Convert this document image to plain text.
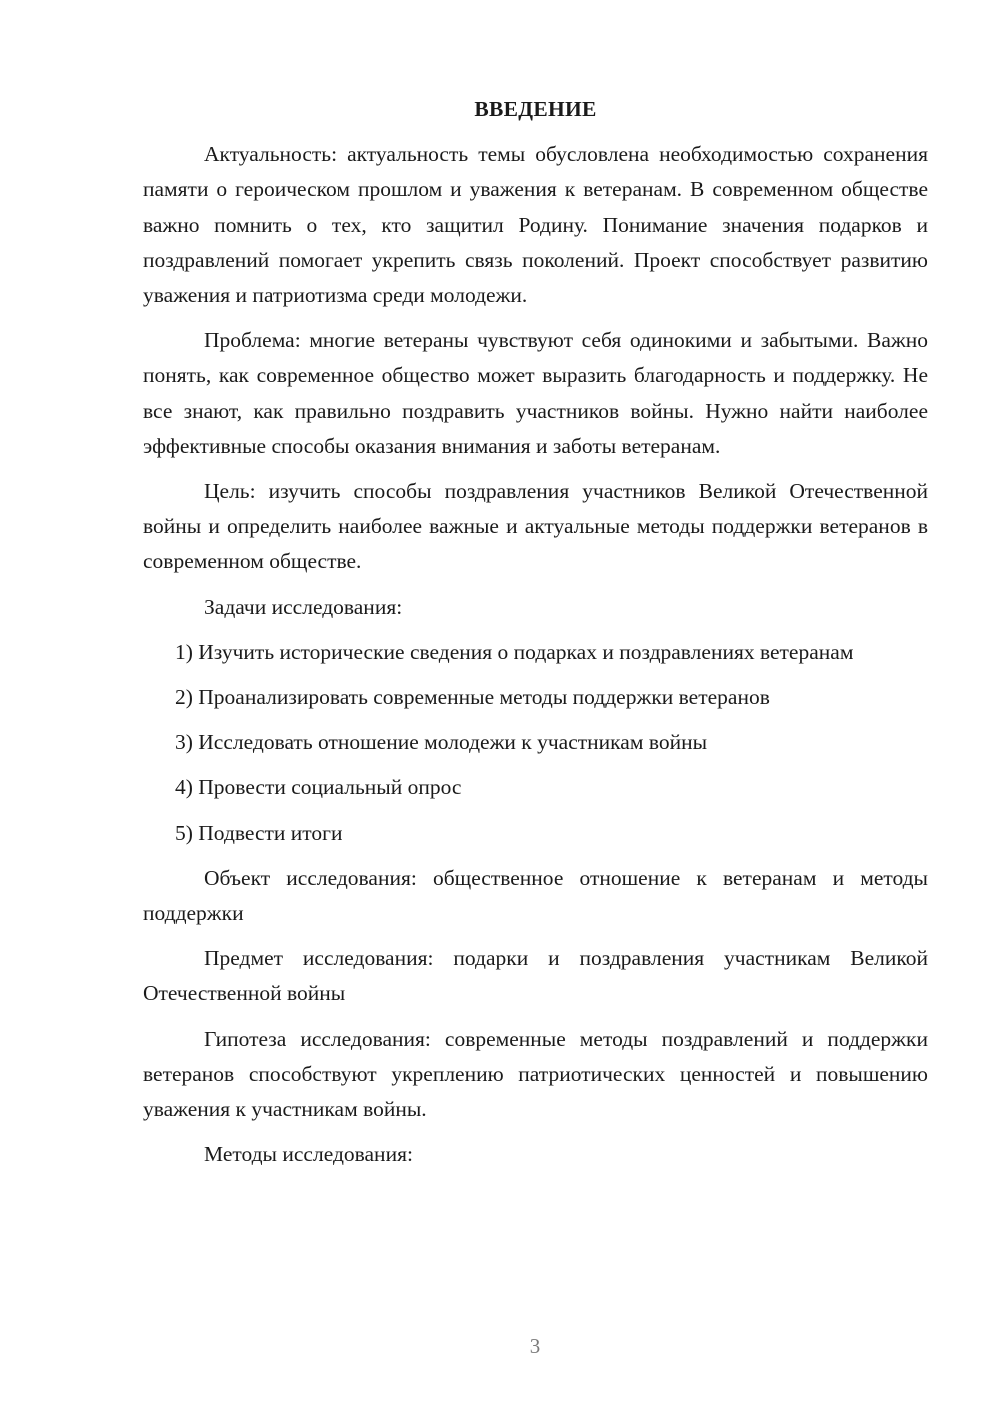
ВВЕДЕНИЕ

Актуальность: актуальность темы обусловлена необходимостью сохранения памяти о героическом прошлом и уважения к ветеранам. В современном обществе важно помнить о тех, кто защитил Родину. Понимание значения подарков и поздравлений помогает укрепить связь поколений. Проект способствует развитию уважения и патриотизма среди молодежи.

Проблема: многие ветераны чувствуют себя одинокими и забытыми. Важно понять, как современное общество может выразить благодарность и поддержку. Не все знают, как правильно поздравить участников войны. Нужно найти наиболее эффективные способы оказания внимания и заботы ветеранам.

Цель: изучить способы поздравления участников Великой Отечественной войны и определить наиболее важные и актуальные методы поддержки ветеранов в современном обществе.

Задачи исследования:

1) Изучить исторические сведения о подарках и поздравлениях ветеранам
2) Проанализировать современные методы поддержки ветеранов
3) Исследовать отношение молодежи к участникам войны
4) Провести социальный опрос
5) Подвести итоги

Объект исследования: общественное отношение к ветеранам и методы поддержки

Предмет исследования: подарки и поздравления участникам Великой Отечественной войны

Гипотеза исследования: современные методы поздравлений и поддержки ветеранов способствуют укреплению патриотических ценностей и повышению уважения к участникам войны.

Методы исследования:

3
